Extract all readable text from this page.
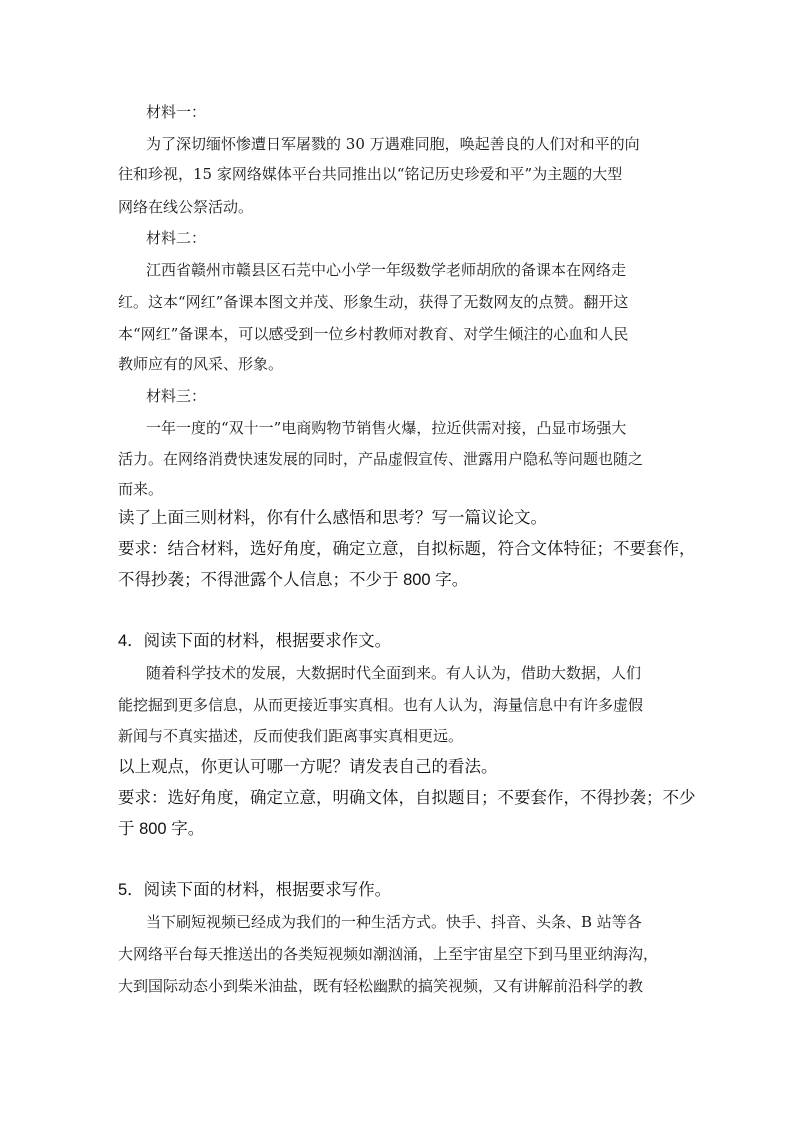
材料一：
为了深切缅怀惨遭日军屠戮的 30 万遇难同胞，唤起善良的人们对和平的向
往和珍视，15 家网络媒体平台共同推出以“铭记历史珍爱和平”为主题的大型
网络在线公祭活动。
材料二：
江西省赣州市赣县区石芫中心小学一年级数学老师胡欣的备课本在网络走
红。这本“网红”备课本图文并茂、形象生动，获得了无数网友的点赞。翻开这
本“网红”备课本，可以感受到一位乡村教师对教育、对学生倾注的心血和人民
教师应有的风采、形象。
材料三：
一年一度的“双十一”电商购物节销售火爆，拉近供需对接，凸显市场强大
活力。在网络消费快速发展的同时，产品虚假宣传、泄露用户隐私等问题也随之
而来。
读了上面三则材料，你有什么感悟和思考？写一篇议论文。
要求：结合材料，选好角度，确定立意，自拟标题，符合文体特征；不要套作，
不得抄袭；不得泄露个人信息；不少于 800 字。
4．阅读下面的材料，根据要求作文。
随着科学技术的发展，大数据时代全面到来。有人认为，借助大数据，人们
能挖掘到更多信息，从而更接近事实真相。也有人认为，海量信息中有许多虚假
新闻与不真实描述，反而使我们距离事实真相更远。
以上观点，你更认可哪一方呢？请发表自己的看法。
要求：选好角度，确定立意，明确文体，自拟题目；不要套作，不得抄袭；不少
于 800 字。
5．阅读下面的材料，根据要求写作。
当下刷短视频已经成为我们的一种生活方式。快手、抖音、头条、B 站等各
大网络平台每天推送出的各类短视频如潮汹涌，上至宇宙星空下到马里亚纳海沟，
大到国际动态小到柴米油盐，既有轻松幽默的搞笑视频，又有讲解前沿科学的教
